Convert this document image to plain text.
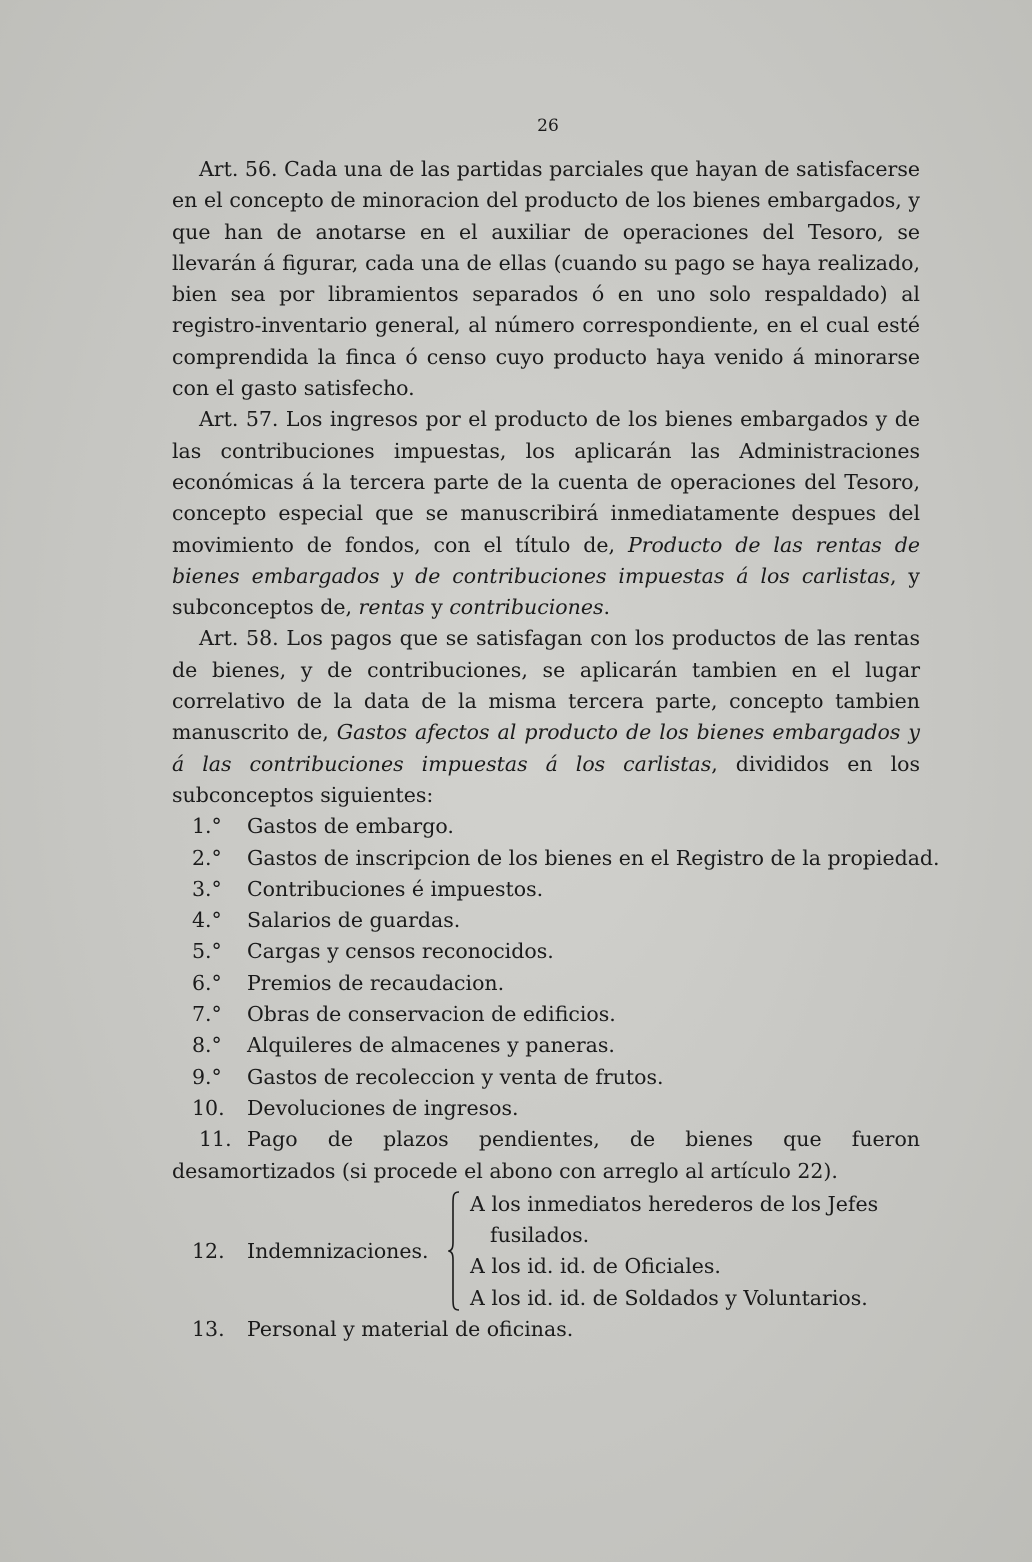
26

Art. 56. Cada una de las partidas parciales que hayan de satisfacerse en el concepto de minoracion del producto de los bienes embargados, y que han de anotarse en el auxiliar de operaciones del Tesoro, se llevarán á figurar, cada una de ellas (cuando su pago se haya realizado, bien sea por libramientos separados ó en uno solo respaldado) al registro-inventario general, al número correspondiente, en el cual esté comprendida la finca ó censo cuyo producto haya venido á minorarse con el gasto satisfecho.

Art. 57. Los ingresos por el producto de los bienes embargados y de las contribuciones impuestas, los aplicarán las Administraciones económicas á la tercera parte de la cuenta de operaciones del Tesoro, concepto especial que se manuscribirá inmediatamente despues del movimiento de fondos, con el título de, Producto de las rentas de bienes embargados y de contribuciones impuestas á los carlistas, y subconceptos de, rentas y contribuciones.

Art. 58. Los pagos que se satisfagan con los productos de las rentas de bienes, y de contribuciones, se aplicarán tambien en el lugar correlativo de la data de la misma tercera parte, concepto tambien manuscrito de, Gastos afectos al producto de los bienes embargados y á las contribuciones impuestas á los carlistas, divididos en los subconceptos siguientes:

1.° Gastos de embargo.

2.° Gastos de inscripcion de los bienes en el Registro de la propiedad.

3.° Contribuciones é impuestos.

4.° Salarios de guardas.

5.° Cargas y censos reconocidos.

6.° Premios de recaudacion.

7.° Obras de conservacion de edificios.

8.° Alquileres de almacenes y paneras.

9.° Gastos de recoleccion y venta de frutos.

10. Devoluciones de ingresos.

11. Pago de plazos pendientes, de bienes que fueron desamortizados (si procede el abono con arreglo al artículo 22).

12. Indemnizaciones.

A los inmediatos herederos de los Jefes

fusilados.

A los id. id. de Oficiales.

A los id. id. de Soldados y Voluntarios.

13. Personal y material de oficinas.
